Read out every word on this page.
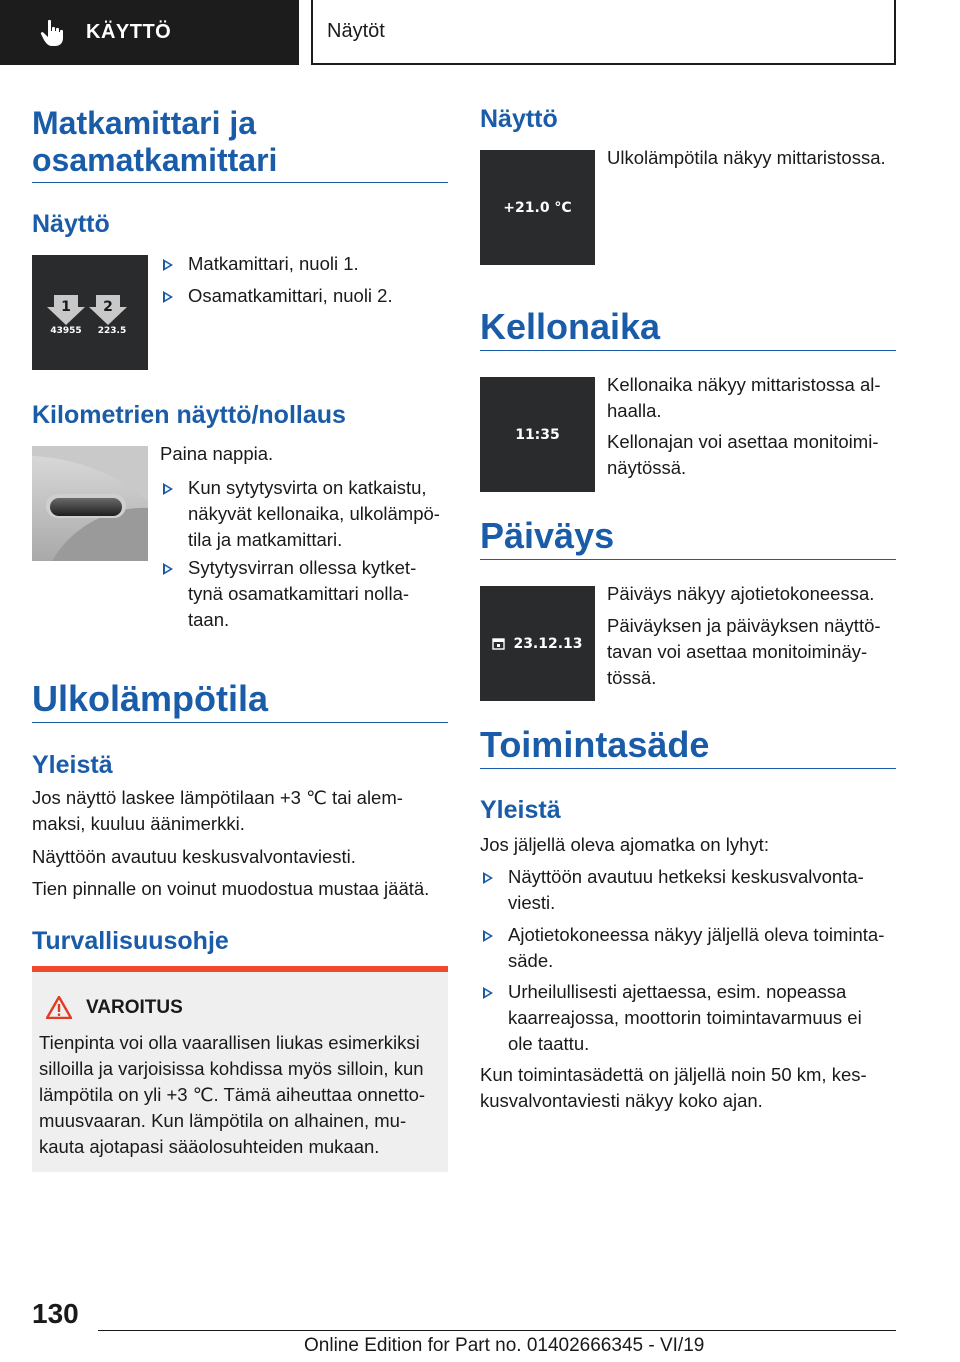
KÄYTTÖ	Näytöt
Matkamittari ja
osamatkamittari
Näyttö
1 2
43955 223.5
Matkamittari, nuoli 1.
Osamatkamittari, nuoli 2.
Kilometrien näyttö/nollaus
Paina nappia.
Kun sytytysvirta on katkaistu,
näkyvät kellonaika, ulkolämpö-
tila ja matkamittari.
Sytytysvirran ollessa kytket-
tynä osamatkamittari nolla-
taan.
Ulkolämpötila
Yleistä
Jos näyttö laskee lämpötilaan +3 ℃ tai alem-
maksi, kuuluu äänimerkki.
Näyttöön avautuu keskusvalvontaviesti.
Tien pinnalle on voinut muodostua mustaa jäätä.
Turvallisuusohje
VAROITUS
Tienpinta voi olla vaarallisen liukas esimerkiksi
silloilla ja varjoisissa kohdissa myös silloin, kun
lämpötila on yli +3 ℃. Tämä aiheuttaa onnetto-
muusvaaran. Kun lämpötila on alhainen, mu-
kauta ajotapasi sääolosuhteiden mukaan.
Näyttö
+21.0 °C
Ulkolämpötila näkyy mittaristossa.
Kellonaika
11:35
Kellonaika näkyy mittaristossa al-
haalla.
Kellonajan voi asettaa monitoimi-
näytössä.
Päiväys
23.12.13
Päiväys näkyy ajotietokoneessa.
Päiväyksen ja päiväyksen näyttö-
tavan voi asettaa monitoiminäy-
tössä.
Toimintasäde
Yleistä
Jos jäljellä oleva ajomatka on lyhyt:
Näyttöön avautuu hetkeksi keskusvalvonta-
viesti.
Ajotietokoneessa näkyy jäljellä oleva toiminta-
säde.
Urheilullisesti ajettaessa, esim. nopeassa
kaarreajossa, moottorin toimintavarmuus ei
ole taattu.
Kun toimintasädettä on jäljellä noin 50 km, kes-
kusvalvontaviesti näkyy koko ajan.
130
Online Edition for Part no. 01402666345 - VI/19
